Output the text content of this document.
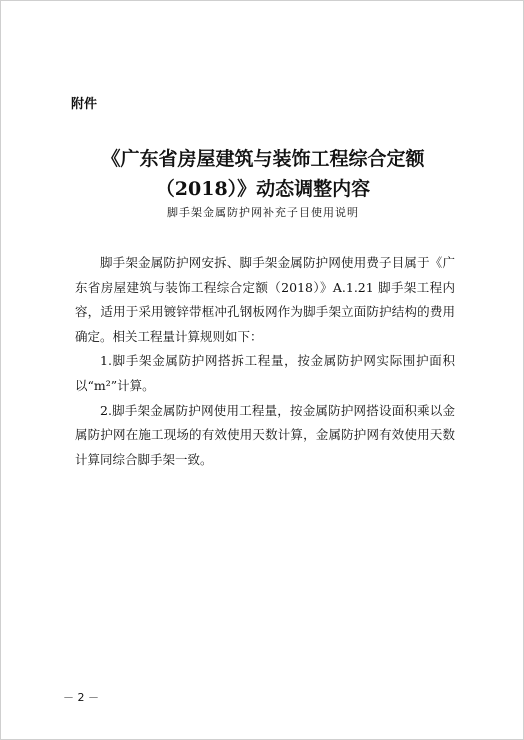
附件
《广东省房屋建筑与装饰工程综合定额
（2018）》动态调整内容
脚手架金属防护网补充子目使用说明

脚手架金属防护网安拆、脚手架金属防护网使用费子目属于《广东省房屋建筑与装饰工程综合定额（2018）》A.1.21 脚手架工程内容，适用于采用镀锌带框冲孔钢板网作为脚手架立面防护结构的费用确定。相关工程量计算规则如下：

1.脚手架金属防护网搭拆工程量，按金属防护网实际围护面积以“m²”计算。

2.脚手架金属防护网使用工程量，按金属防护网搭设面积乘以金属防护网在施工现场的有效使用天数计算，金属防护网有效使用天数计算同综合脚手架一致。

－ 2 －
